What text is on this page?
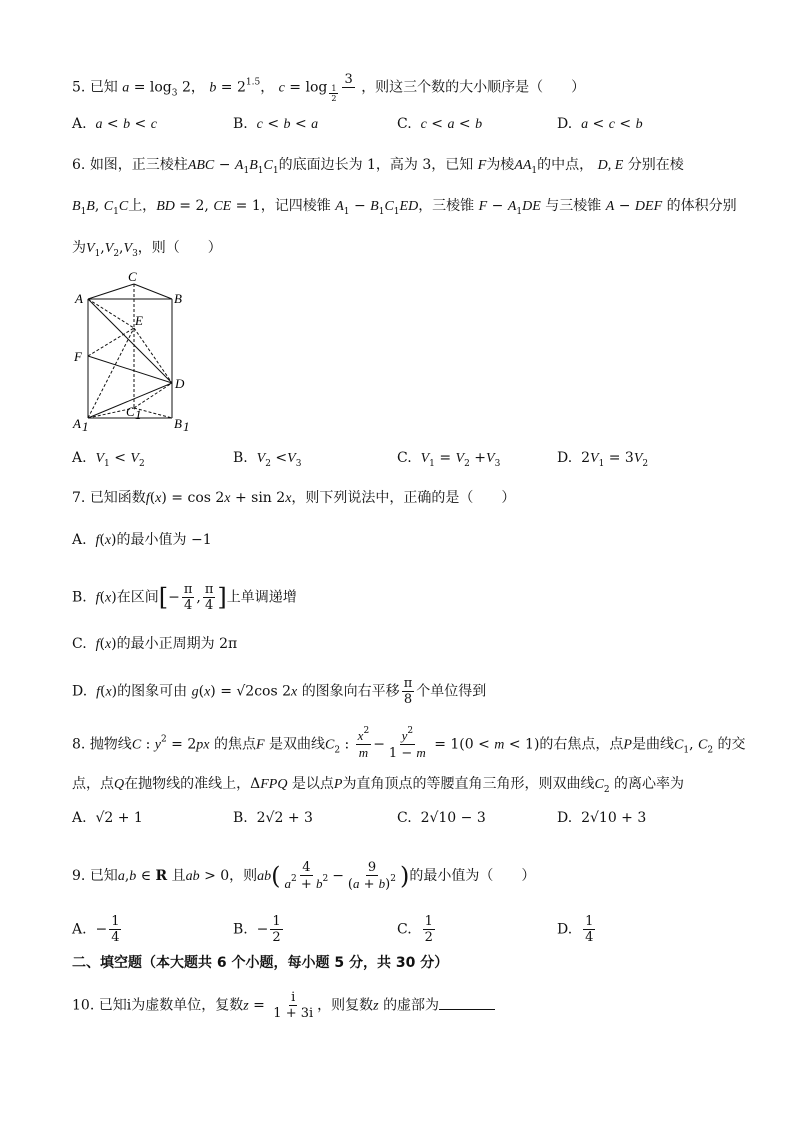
5. 已知 $a = \log_3 2$， $b = 2^{1.5}$， c = log $_{\frac{1}{2}}$
3 ，则这三个数的大小顺序是（　　）
A. a < b < c	B. c < b < a	C. c < a < b	D. a < c < b
6. 如图，正三棱柱ABC − $A_1B_1C_1$的底面边长为 1，高为 3，已知 F为棱$AA_1$的中点， D, E 分别在棱
$B_1B$, $C_1C$上，BD = 2, CE = 1，记四棱锥 $A_1 - B_1C_1ED$，三棱锥 $F - A_1DE$ 与三棱锥 A − DEF 的体积分别
为$V_1,V_2,V_3$，则（　　）
C
A	B
E
F
D
C 1
A 1	B 1
A. $V_1 < V_2$	B. $V_2 <V_3$	C. $V_1 = V_2 +V_3$	D.  $2V_1 = 3V_2$
7. 已知函数f(x) = cos 2x + sin 2x，则下列说法中，正确的是（　　）
A. f(x)的最小值为 −1
B. f(x)在区间[− $\frac{\pi}{4}$ , $\frac{\pi}{4}$ ]上单调递增
C. f(x)的最小正周期为 2π
D. f(x)的图象可由 g(x) = √2cos 2x 的图象向右平移 $\frac{\pi}{8}$ 个单位得到
8. 抛物线C : $y^2 = 2px$ 的焦点F 是双曲线$C_2$ : $\frac{x^2}{m} - \frac{y^2}{1 - m} = 1(0 < m < 1)$的右焦点，点P是曲线$C_1$, $C_2$ 的交
点，点Q在抛物线的准线上，ΔFPQ 是以点P为直角顶点的等腰直角三角形，则双曲线$C_2$ 的离心率为
A.  √2 + 1	B.  2√2 + 3	C.  2√10 − 3	D.  2√10 + 3
9. 已知a,b ∈ R 且ab > 0，则$ab( \frac{4}{a^2 + b^2} - \frac{9}{(a + b)^2}$ )的最小值为（　　）
A.  − $\frac{1}{4}$	B.  − $\frac{1}{2}$	C. $\frac{1}{2}$	D. $\frac{1}{4}$
二、填空题（本大题共 6 个小题，每小题 5 分，共 30 分）
10. 已知i为虚数单位，复数$z = \frac{i}{1 + 3i}$ ，则复数z 的虚部为
